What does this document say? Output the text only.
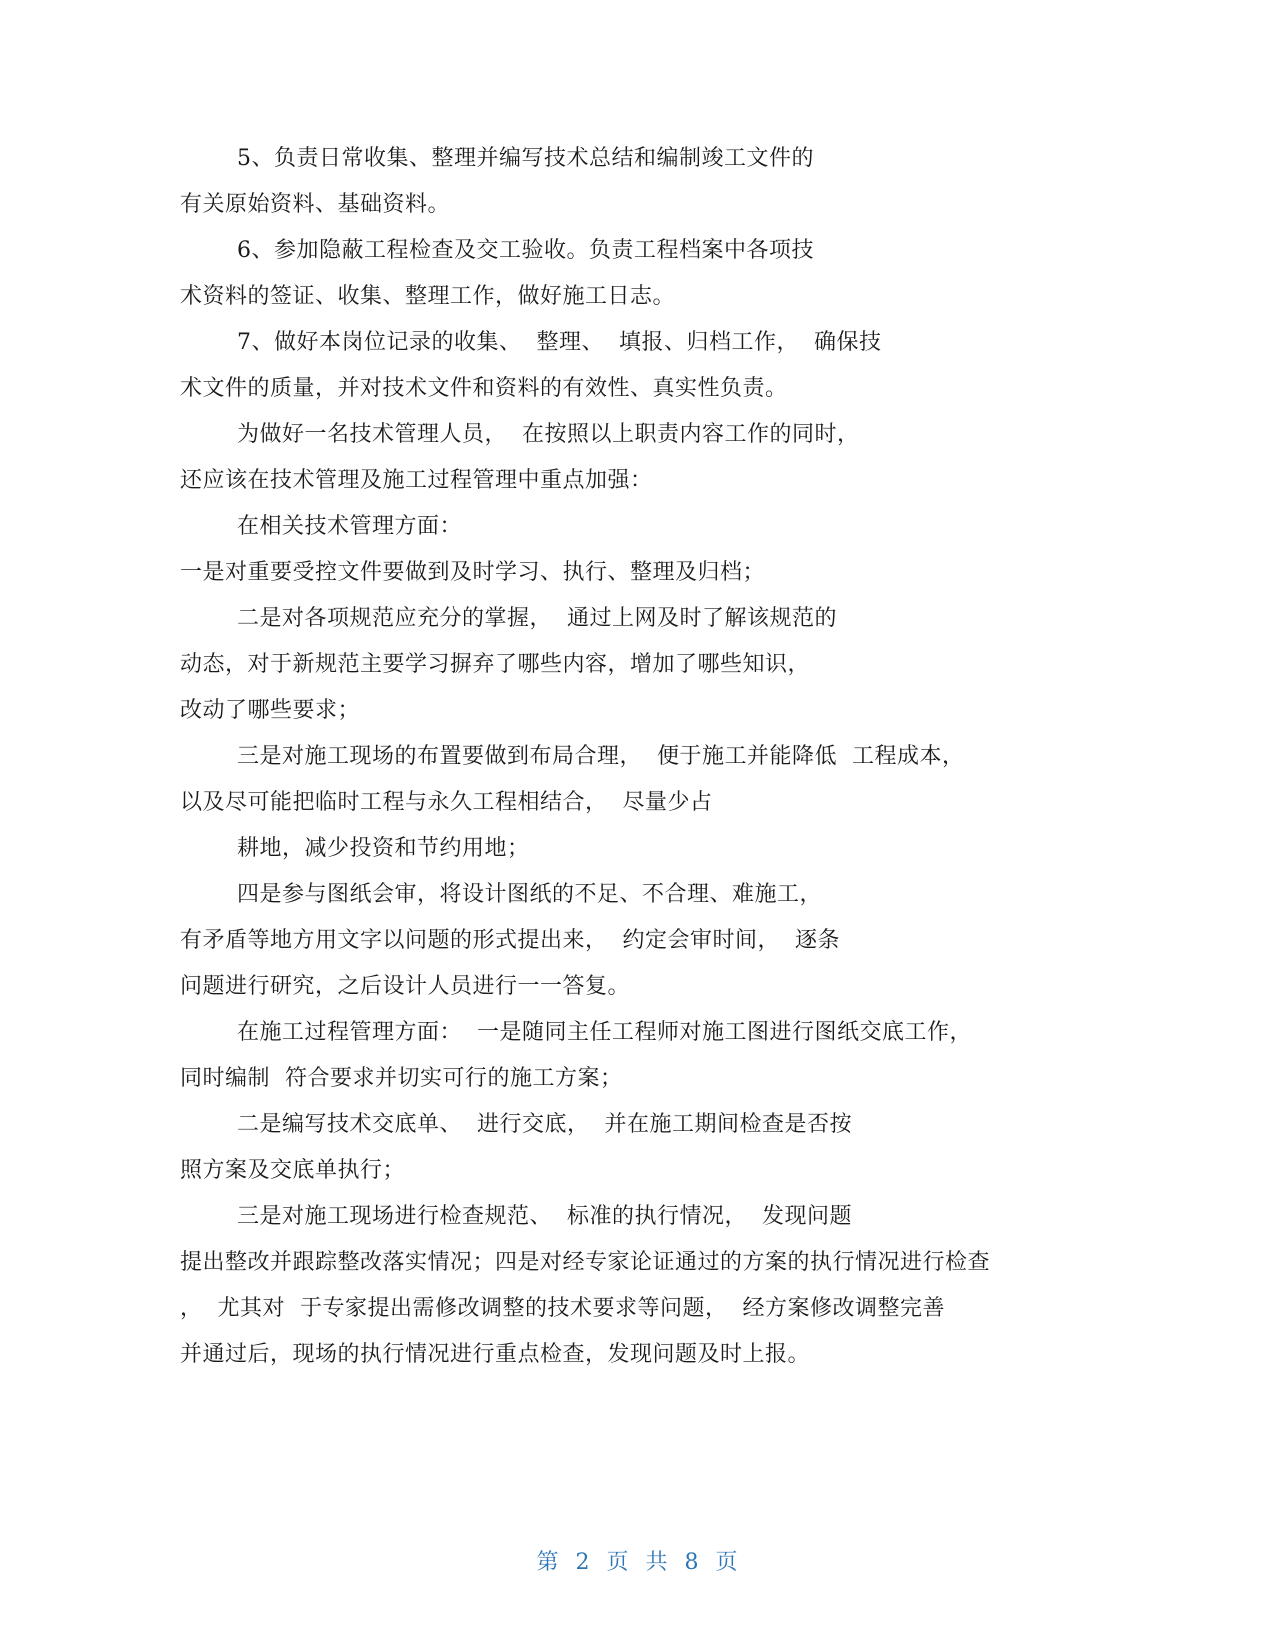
5、负责日常收集、整理并编写技术总结和编制竣工文件的
有关原始资料、基础资料。
6、参加隐蔽工程检查及交工验收。负责工程档案中各项技
术资料的签证、收集、整理工作，做好施工日志。
7、做好本岗位记录的收集、  整理、  填报、归档工作，  确保技
术文件的质量，并对技术文件和资料的有效性、真实性负责。
为做好一名技术管理人员，  在按照以上职责内容工作的同时，
还应该在技术管理及施工过程管理中重点加强：
在相关技术管理方面：
一是对重要受控文件要做到及时学习、执行、整理及归档；
二是对各项规范应充分的掌握，  通过上网及时了解该规范的
动态，对于新规范主要学习摒弃了哪些内容，增加了哪些知识，
改动了哪些要求；
三是对施工现场的布置要做到布局合理，  便于施工并能降低  工程成本，
以及尽可能把临时工程与永久工程相结合，  尽量少占
耕地，减少投资和节约用地；
四是参与图纸会审，将设计图纸的不足、不合理、难施工，
有矛盾等地方用文字以问题的形式提出来，  约定会审时间，  逐条
问题进行研究，之后设计人员进行一一答复。
在施工过程管理方面：  一是随同主任工程师对施工图进行图纸交底工作，
同时编制  符合要求并切实可行的施工方案；
二是编写技术交底单、  进行交底，  并在施工期间检查是否按
照方案及交底单执行；
三是对施工现场进行检查规范、  标准的执行情况，  发现问题
提出整改并跟踪整改落实情况；四是对经专家论证通过的方案的执行情况进行检查
，  尤其对  于专家提出需修改调整的技术要求等问题，  经方案修改调整完善
并通过后，现场的执行情况进行重点检查，发现问题及时上报。
第  2  页  共  8  页
